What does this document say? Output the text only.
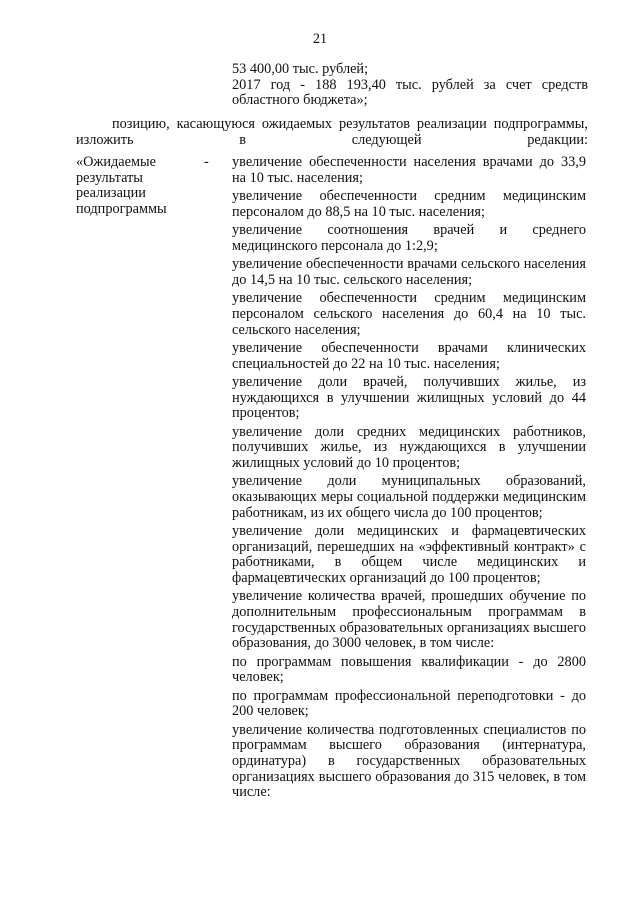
21

53 400,00 тыс. рублей;

2017 год - 188 193,40 тыс. рублей за счет средств областного бюджета»;

позицию, касающуюся ожидаемых результатов реализации подпрограммы, изложить в следующей редакции:

«Ожидаемые
результаты
реализации
подпрограммы
- увеличение обеспеченности населения врачами до 33,9 на 10 тыс. населения;

увеличение обеспеченности средним медицинским персоналом до 88,5 на 10 тыс. населения;

увеличение соотношения врачей и среднего медицинского персонала до 1:2,9;

увеличение обеспеченности врачами сельского населения до 14,5 на 10 тыс. сельского населения;

увеличение обеспеченности средним медицинским персоналом сельского населения до 60,4 на 10 тыс. сельского населения;

увеличение обеспеченности врачами клинических специальностей до 22 на 10 тыс. населения;

увеличение доли врачей, получивших жилье, из нуждающихся в улучшении жилищных условий до 44 процентов;

увеличение доли средних медицинских работников, получивших жилье, из нуждающихся в улучшении жилищных условий до 10 процентов;

увеличение доли муниципальных образований, оказывающих меры социальной поддержки медицинским работникам, из их общего числа до 100 процентов;

увеличение доли медицинских и фармацевтических организаций, перешедших на «эффективный контракт» с работниками, в общем числе медицинских и фармацевтических организаций до 100 процентов;

увеличение количества врачей, прошедших обучение по дополнительным профессиональным программам в государственных образовательных организациях высшего образования, до 3000 человек, в том числе:

по программам повышения квалификации - до 2800 человек;

по программам профессиональной переподготовки - до 200 человек;

увеличение количества подготовленных специалистов по программам высшего образования (интернатура, ординатура) в государственных образовательных организациях высшего образования до 315 человек, в том числе:
